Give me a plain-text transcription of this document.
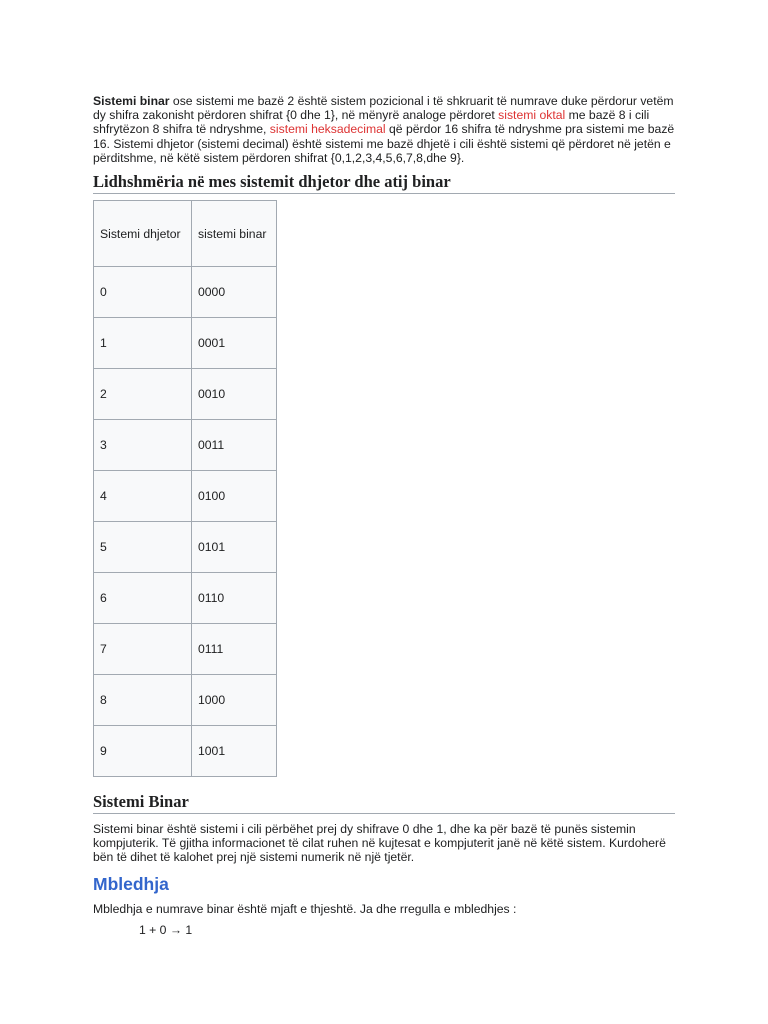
Sistemi binar ose sistemi me bazë 2 është sistem pozicional i të shkruarit të numrave duke përdorur vetëm dy shifra zakonisht përdoren shifrat {0 dhe 1}, në mënyrë analoge përdoret sistemi oktal me bazë 8 i cili shfrytëzon 8 shifra të ndryshme, sistemi heksadecimal që përdor 16 shifra të ndryshme pra sistemi me bazë 16. Sistemi dhjetor (sistemi decimal) është sistemi me bazë dhjetë i cili është sistemi që përdoret në jetën e përditshme, në këtë sistem përdoren shifrat {0,1,2,3,4,5,6,7,8,dhe 9}.

Lidhshmëria në mes sistemit dhjetor dhe atij binar
Sistemi dhjetor	sistemi binar
0	0000
1	0001
2	0010
3	0011
4	0100
5	0101
6	0110
7	0111
8	1000
9	1001
Sistemi Binar

Sistemi binar është sistemi i cili përbëhet prej dy shifrave 0 dhe 1, dhe ka për bazë të punës sistemin kompjuterik. Të gjitha informacionet të cilat ruhen në kujtesat e kompjuterit janë në këtë sistem. Kurdoherë bën të dihet të kalohet prej një sistemi numerik në një tjetër.

Mbledhja

Mbledhja e numrave binar është mjaft e thjeshtë. Ja dhe rregulla e mbledhjes :

1 + 0 → 1
